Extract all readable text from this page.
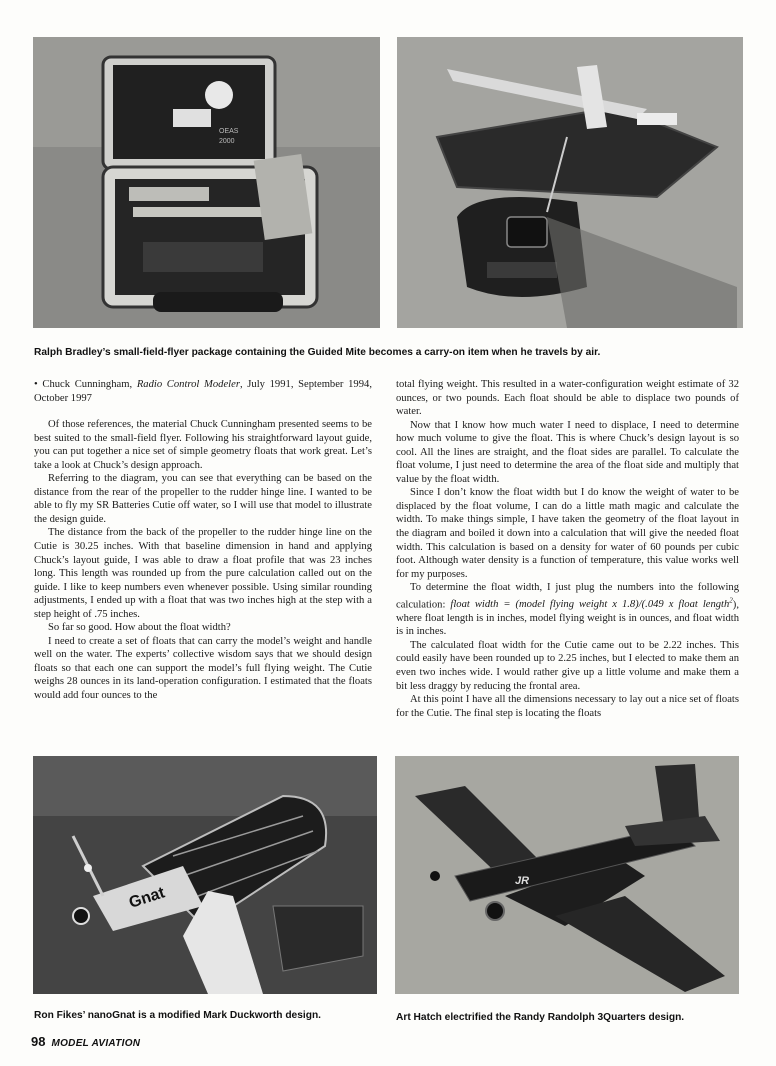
OEAS
2000
Ralph Bradley’s small-field-flyer package containing the Guided Mite becomes a carry-on item when he travels by air.

• Chuck Cunningham, Radio Control Modeler, July 1991, September 1994, October 1997

Of those references, the material Chuck Cunningham presented seems to be best suited to the small-field flyer. Following his straightforward layout guide, you can put together a nice set of simple geometry floats that work great. Let’s take a look at Chuck’s design approach.

Referring to the diagram, you can see that everything can be based on the distance from the rear of the propeller to the rudder hinge line. I wanted to be able to fly my SR Batteries Cutie off water, so I will use that model to illustrate the design guide.

The distance from the back of the propeller to the rudder hinge line on the Cutie is 30.25 inches. With that baseline dimension in hand and applying Chuck’s layout guide, I was able to draw a float profile that was 23 inches long. This length was rounded up from the pure calculation called out on the guide. I like to keep numbers even whenever possible. Using similar rounding adjustments, I ended up with a float that was two inches high at the step with a step height of .75 inches.

So far so good. How about the float width?

I need to create a set of floats that can carry the model’s weight and handle well on the water. The experts’ collective wisdom says that we should design floats so that each one can support the model’s full flying weight. The Cutie weighs 28 ounces in its land-operation configuration. I estimated that the floats would add four ounces to the

total flying weight. This resulted in a water-configuration weight estimate of 32 ounces, or two pounds. Each float should be able to displace two pounds of water.

Now that I know how much water I need to displace, I need to determine how much volume to give the float. This is where Chuck’s design layout is so cool. All the lines are straight, and the float sides are parallel. To calculate the float volume, I just need to determine the area of the float side and multiply that value by the float width.

Since I don’t know the float width but I do know the weight of water to be displaced by the float volume, I can do a little math magic and calculate the width. To make things simple, I have taken the geometry of the float layout in the diagram and boiled it down into a calculation that will give the needed float width. This calculation is based on a density for water of 60 pounds per cubic foot. Although water density is a function of temperature, this value works well for my purposes.

To determine the float width, I just plug the numbers into the following calculation: float width = (model flying weight x 1.8)/(.049 x float length$^2$), where float length is in inches, model flying weight is in ounces, and float width is in inches.

The calculated float width for the Cutie came out to be 2.22 inches. This could easily have been rounded up to 2.25 inches, but I elected to make them an even two inches wide. I would rather give up a little volume and make them a bit less draggy by reducing the frontal area.

At this point I have all the dimensions necessary to lay out a nice set of floats for the Cutie. The final step is locating the floats

Gnat
JR
Ron Fikes’ nanoGnat is a modified Mark Duckworth design.	Art Hatch electrified the Randy Randolph 3Quarters design.
98 MODEL AVIATION
